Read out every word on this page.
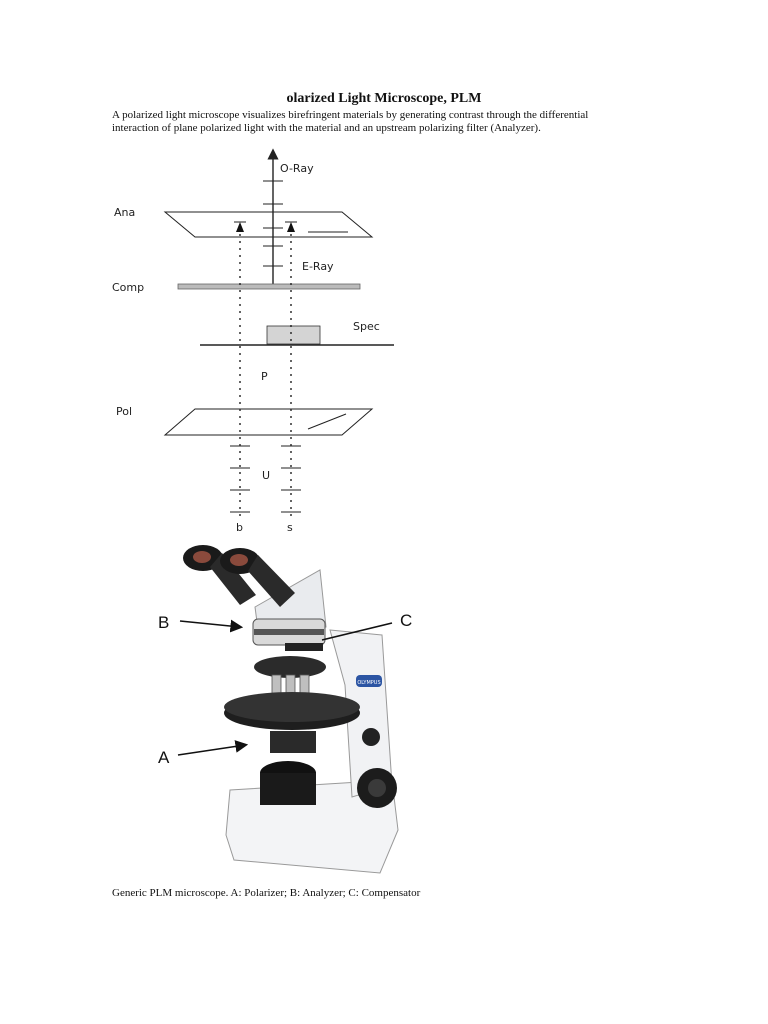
olarized Light Microscope, PLM

A polarized light microscope visualizes birefringent materials by generating contrast through the differential interaction of plane polarized light with the material and an upstream polarizing filter (Analyzer).

O-Ray
Ana
E-Ray
Comp
Spec
P
Pol
U
b	s
OLYMPUS
B	C
A

Generic PLM microscope. A: Polarizer; B: Analyzer; C: Compensator
